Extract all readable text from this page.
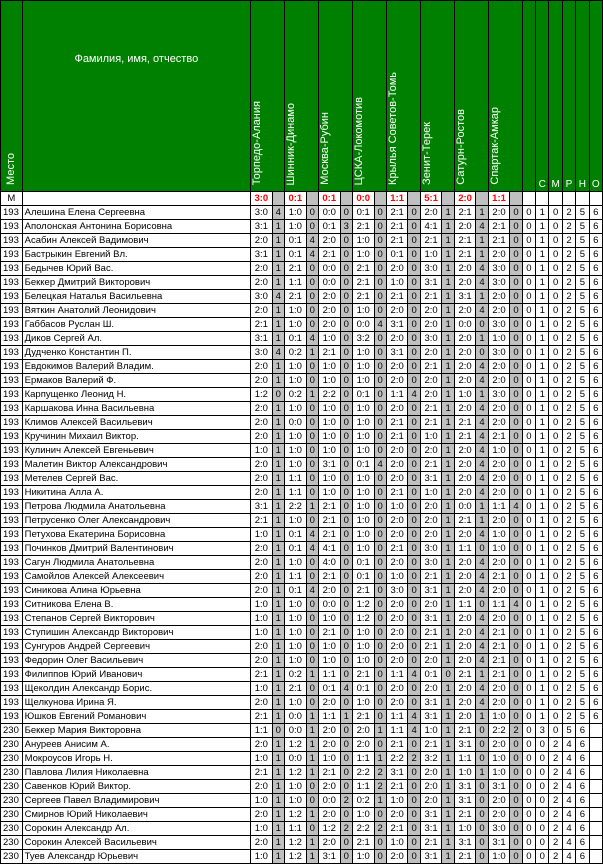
Место	Фамилия, имя, отчество	Торпедо-Алания		Шинник-Динамо		Москва-Рубин		ЦСКА-Локомотив		Крылья Советов-Томь		Зенит-Терек		Сатурн-Ростов		Спартак-Амкар			С	М	Р	Н	О
М		3:0		0:1		0:1		0:0		1:1		5:1		2:0		1:1							
193	Алешина Елена Сергеевна	3:0	4	1:0	0	0:0	0	0:1	0	2:1	0	2:0	1	2:1	1	2:0	0	0	1	0	2	5	6
193	Аполонская Антонина Борисовна	3:1	1	1:0	0	0:1	3	2:1	0	2:1	0	4:1	1	2:0	4	2:1	0	0	1	0	2	5	6
193	Асабин Алексей Вадимович	2:0	1	0:1	4	2:0	0	1:0	0	2:1	0	2:1	1	2:1	1	2:1	0	0	1	0	2	5	6
193	Бастрыкин Евгений Вл.	3:1	1	0:1	4	2:1	0	1:0	0	0:1	0	1:0	1	2:1	1	2:0	0	0	1	0	2	5	6
193	Бедычев Юрий Вас.	2:0	1	2:1	0	0:0	0	2:1	0	2:0	0	3:0	1	2:0	4	3:0	0	0	1	0	2	5	6
193	Беккер Дмитрий Викторович	2:0	1	1:1	0	0:0	0	2:1	0	1:0	0	3:1	1	2:0	4	3:0	0	0	1	0	2	5	6
193	Белецкая Наталья Васильевна	3:0	4	2:1	0	2:0	0	2:1	0	2:1	0	2:1	1	3:1	1	2:0	0	0	1	0	2	5	6
193	Вяткин Анатолий Леонидович	2:0	1	1:0	0	2:0	0	1:0	0	2:0	0	2:0	1	2:0	4	2:0	0	0	1	0	2	5	6
193	Габбасов Руслан Ш.	2:1	1	1:0	0	2:0	0	0:0	4	3:1	0	2:0	1	0:0	0	3:0	0	0	1	0	2	5	6
193	Диков Сергей Ал.	3:1	1	0:1	4	1:0	0	3:2	0	2:0	0	3:0	1	2:0	1	1:0	0	0	1	0	2	5	6
193	Дудченко Константин П.	3:0	4	0:2	1	2:1	0	1:0	0	3:1	0	2:0	1	2:0	0	3:0	0	0	1	0	2	5	6
193	Евдокимов Валерий Владим.	2:0	1	1:0	0	1:0	0	1:0	0	2:0	0	2:1	1	2:0	4	2:0	0	0	1	0	2	5	6
193	Ермаков Валерий Ф.	2:0	1	1:0	0	1:0	0	1:0	0	2:0	0	2:0	1	2:0	4	2:0	0	0	1	0	2	5	6
193	Карпущенко Леонид Н.	1:2	0	0:2	1	2:2	0	0:1	0	1:1	4	2:0	1	1:0	1	3:0	0	0	1	0	2	5	6
193	Каршакова Инна Васильевна	2:0	1	1:0	0	1:0	0	1:0	0	2:0	0	2:1	1	2:0	4	2:0	0	0	1	0	2	5	6
193	Климов Алексей Васильевич	2:0	1	0:0	0	1:0	0	1:0	0	2:1	0	2:1	1	2:1	4	2:0	0	0	1	0	2	5	6
193	Кручинин Михаил Виктор.	2:0	1	1:0	0	1:0	0	1:0	0	2:1	0	1:0	1	2:1	4	2:1	0	0	1	0	2	5	6
193	Кулинич Алексей Евгеньевич	1:0	1	1:0	0	1:0	0	1:0	0	2:0	0	2:0	1	2:0	4	1:0	0	0	1	0	2	5	6
193	Малетин Виктор Александрович	2:0	1	1:0	0	3:1	0	0:1	4	2:0	0	2:1	1	2:0	4	2:0	0	0	1	0	2	5	6
193	Метелев Сергей Вас.	2:0	1	1:1	0	1:0	0	1:0	0	2:0	0	3:1	1	2:0	4	2:0	0	0	1	0	2	5	6
193	Никитина Алла А.	2:0	1	1:1	0	1:0	0	1:0	0	2:1	0	1:0	1	2:0	4	2:0	0	0	1	0	2	5	6
193	Петрова Людмила Анатольевна	3:1	1	2:2	1	2:1	0	1:0	0	1:0	0	2:0	1	0:0	1	1:1	4	0	1	0	2	5	6
193	Петрусенко Олег Александрович	2:1	1	1:0	0	2:1	0	1:0	0	2:0	0	2:0	1	2:1	1	2:0	0	0	1	0	2	5	6
193	Петухова Екатерина Борисовна	1:0	1	0:1	4	2:1	0	1:0	0	2:0	0	2:0	1	2:0	4	1:0	0	0	1	0	2	5	6
193	Починков Дмитрий Валентинович	2:0	1	0:1	4	4:1	0	1:0	0	2:1	0	3:0	1	1:1	0	1:0	0	0	1	0	2	5	6
193	Сагун Людмила Анатольевна	2:0	1	1:0	0	4:0	0	0:1	0	2:0	0	3:0	1	2:0	4	2:0	0	0	1	0	2	5	6
193	Самойлов Алексей Алексеевич	2:0	1	1:1	0	2:1	0	0:1	0	1:0	0	2:1	1	2:0	4	2:1	0	0	1	0	2	5	6
193	Синикова Алина Юрьевна	2:0	1	0:1	4	2:0	0	2:1	0	3:0	0	3:1	1	2:0	4	2:0	0	0	1	0	2	5	6
193	Ситникова Елена В.	1:0	1	1:0	0	0:0	0	1:2	0	2:0	0	2:0	1	1:1	0	1:1	4	0	1	0	2	5	6
193	Степанов Сергей Викторович	1:0	1	1:0	0	1:0	0	1:2	0	2:0	0	3:1	1	2:0	4	2:0	0	0	1	0	2	5	6
193	Ступишин Александр Викторович	1:0	1	1:0	0	2:1	0	1:0	0	2:0	0	2:1	1	2:0	4	2:1	0	0	1	0	2	5	6
193	Сунгуров Андрей Сергеевич	2:0	1	1:0	0	1:0	0	1:0	0	2:0	0	2:1	1	2:0	4	2:1	0	0	1	0	2	5	6
193	Федорин Олег Васильевич	2:0	1	1:0	0	1:0	0	1:0	0	2:0	0	2:0	1	2:0	4	2:1	0	0	1	0	2	5	6
193	Филиппов Юрий Иванович	2:1	1	0:2	1	1:1	0	2:1	0	1:1	4	0:1	0	2:1	1	2:1	0	0	1	0	2	5	6
193	Щеколдин Александр Борис.	1:0	1	2:1	0	0:1	4	0:1	0	2:0	0	2:0	1	2:0	4	2:0	0	0	1	0	2	5	6
193	Щелкунова Ирина Я.	2:0	1	1:0	0	2:0	0	1:0	0	2:0	0	3:1	1	2:0	4	2:0	0	0	1	0	2	5	6
193	Юшков Евгений Романович	2:1	1	0:0	1	1:1	1	2:1	0	1:1	4	3:1	1	2:0	1	1:0	0	0	1	0	2	5	6
230	Беккер Мария Викторовна	1:1	0	0:0	1	2:0	0	2:0	1	1:1	4	1:0	1	2:1	0	2:2	2	0	3	0	5	6	
230	Ануреев Анисим А.	2:0	1	1:2	1	2:0	0	2:0	0	2:1	0	2:1	1	3:1	0	2:0	0	0	0	2	4	6	
230	Мокроусов Игорь Н.	1:0	1	0:0	1	1:0	0	1:1	1	2:2	2	3:2	1	1:1	0	1:0	0	0	0	2	4	6	
230	Павлова Лилия Николаевна	2:1	1	1:2	1	2:1	0	2:2	2	3:1	0	2:0	1	1:0	1	1:0	0	0	0	2	4	6	
230	Савенков Юрий Виктор.	2:0	1	1:0	0	2:0	0	1:1	2	2:1	0	2:0	1	3:1	0	3:1	0	0	0	2	4	6	
230	Сергеев Павел Владимирович	1:0	1	1:0	0	0:0	2	0:2	1	1:0	0	2:0	1	3:1	0	2:0	0	0	0	2	4	6	
230	Смирнов Юрий Николаевич	2:0	1	1:2	1	2:0	0	1:0	0	2:0	0	3:1	1	2:1	0	2:0	0	0	0	2	4	6	
230	Сорокин Александр Ал.	1:0	1	1:1	0	1:2	2	2:2	2	2:1	0	3:1	1	1:0	0	3:0	0	0	0	2	4	6	
230	Сорокин Алексей Васильевич	2:0	1	1:2	1	2:0	0	2:1	0	1:0	0	2:1	1	3:1	0	3:1	0	0	0	2	4	6	
230	Туев Александр Юрьевич	1:0	1	1:2	1	3:1	0	1:0	0	2:0	0	3:1	1	2:1	0	1:0	0	0	0	2	4	6	
